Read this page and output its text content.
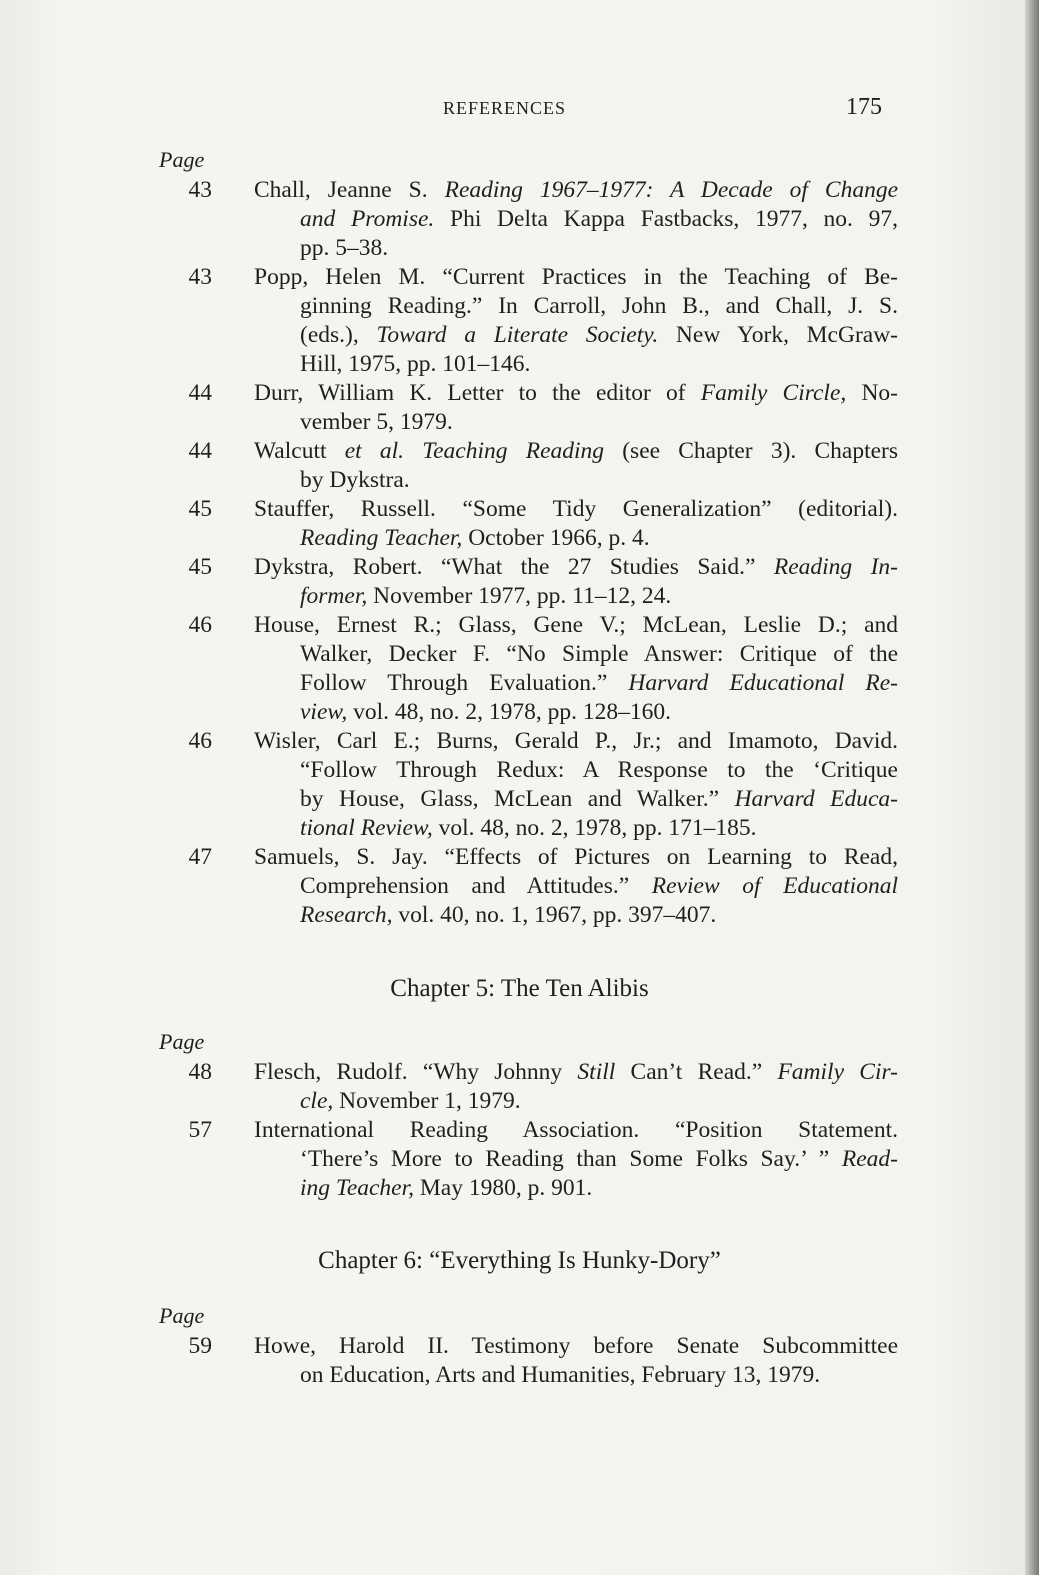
REFERENCES	175
Page
43 Chall, Jeanne S. Reading 1967–1977: A Decade of Change
and Promise. Phi Delta Kappa Fastbacks, 1977, no. 97,
pp. 5–38.
43 Popp, Helen M. “Current Practices in the Teaching of Be-
ginning Reading.” In Carroll, John B., and Chall, J. S.
(eds.), Toward a Literate Society. New York, McGraw-
Hill, 1975, pp. 101–146.
44 Durr, William K. Letter to the editor of Family Circle, No-
vember 5, 1979.
44 Walcutt et al. Teaching Reading (see Chapter 3). Chapters
by Dykstra.
45 Stauffer, Russell. “Some Tidy Generalization” (editorial).
Reading Teacher, October 1966, p. 4.
45 Dykstra, Robert. “What the 27 Studies Said.” Reading In-
former, November 1977, pp. 11–12, 24.
46 House, Ernest R.; Glass, Gene V.; McLean, Leslie D.; and
Walker, Decker F. “No Simple Answer: Critique of the
Follow Through Evaluation.” Harvard Educational Re-
view, vol. 48, no. 2, 1978, pp. 128–160.
46 Wisler, Carl E.; Burns, Gerald P., Jr.; and Imamoto, David.
“Follow Through Redux: A Response to the ‘Critique
by House, Glass, McLean and Walker.” Harvard Educa-
tional Review, vol. 48, no. 2, 1978, pp. 171–185.
47 Samuels, S. Jay. “Effects of Pictures on Learning to Read,
Comprehension and Attitudes.” Review of Educational
Research, vol. 40, no. 1, 1967, pp. 397–407.
Chapter 5: The Ten Alibis
Page
48 Flesch, Rudolf. “Why Johnny Still Can’t Read.” Family Cir-
cle, November 1, 1979.
57 International Reading Association. “Position Statement.
‘There’s More to Reading than Some Folks Say.’ ” Read-
ing Teacher, May 1980, p. 901.
Chapter 6: “Everything Is Hunky-Dory”
Page
59 Howe, Harold II. Testimony before Senate Subcommittee
on Education, Arts and Humanities, February 13, 1979.
